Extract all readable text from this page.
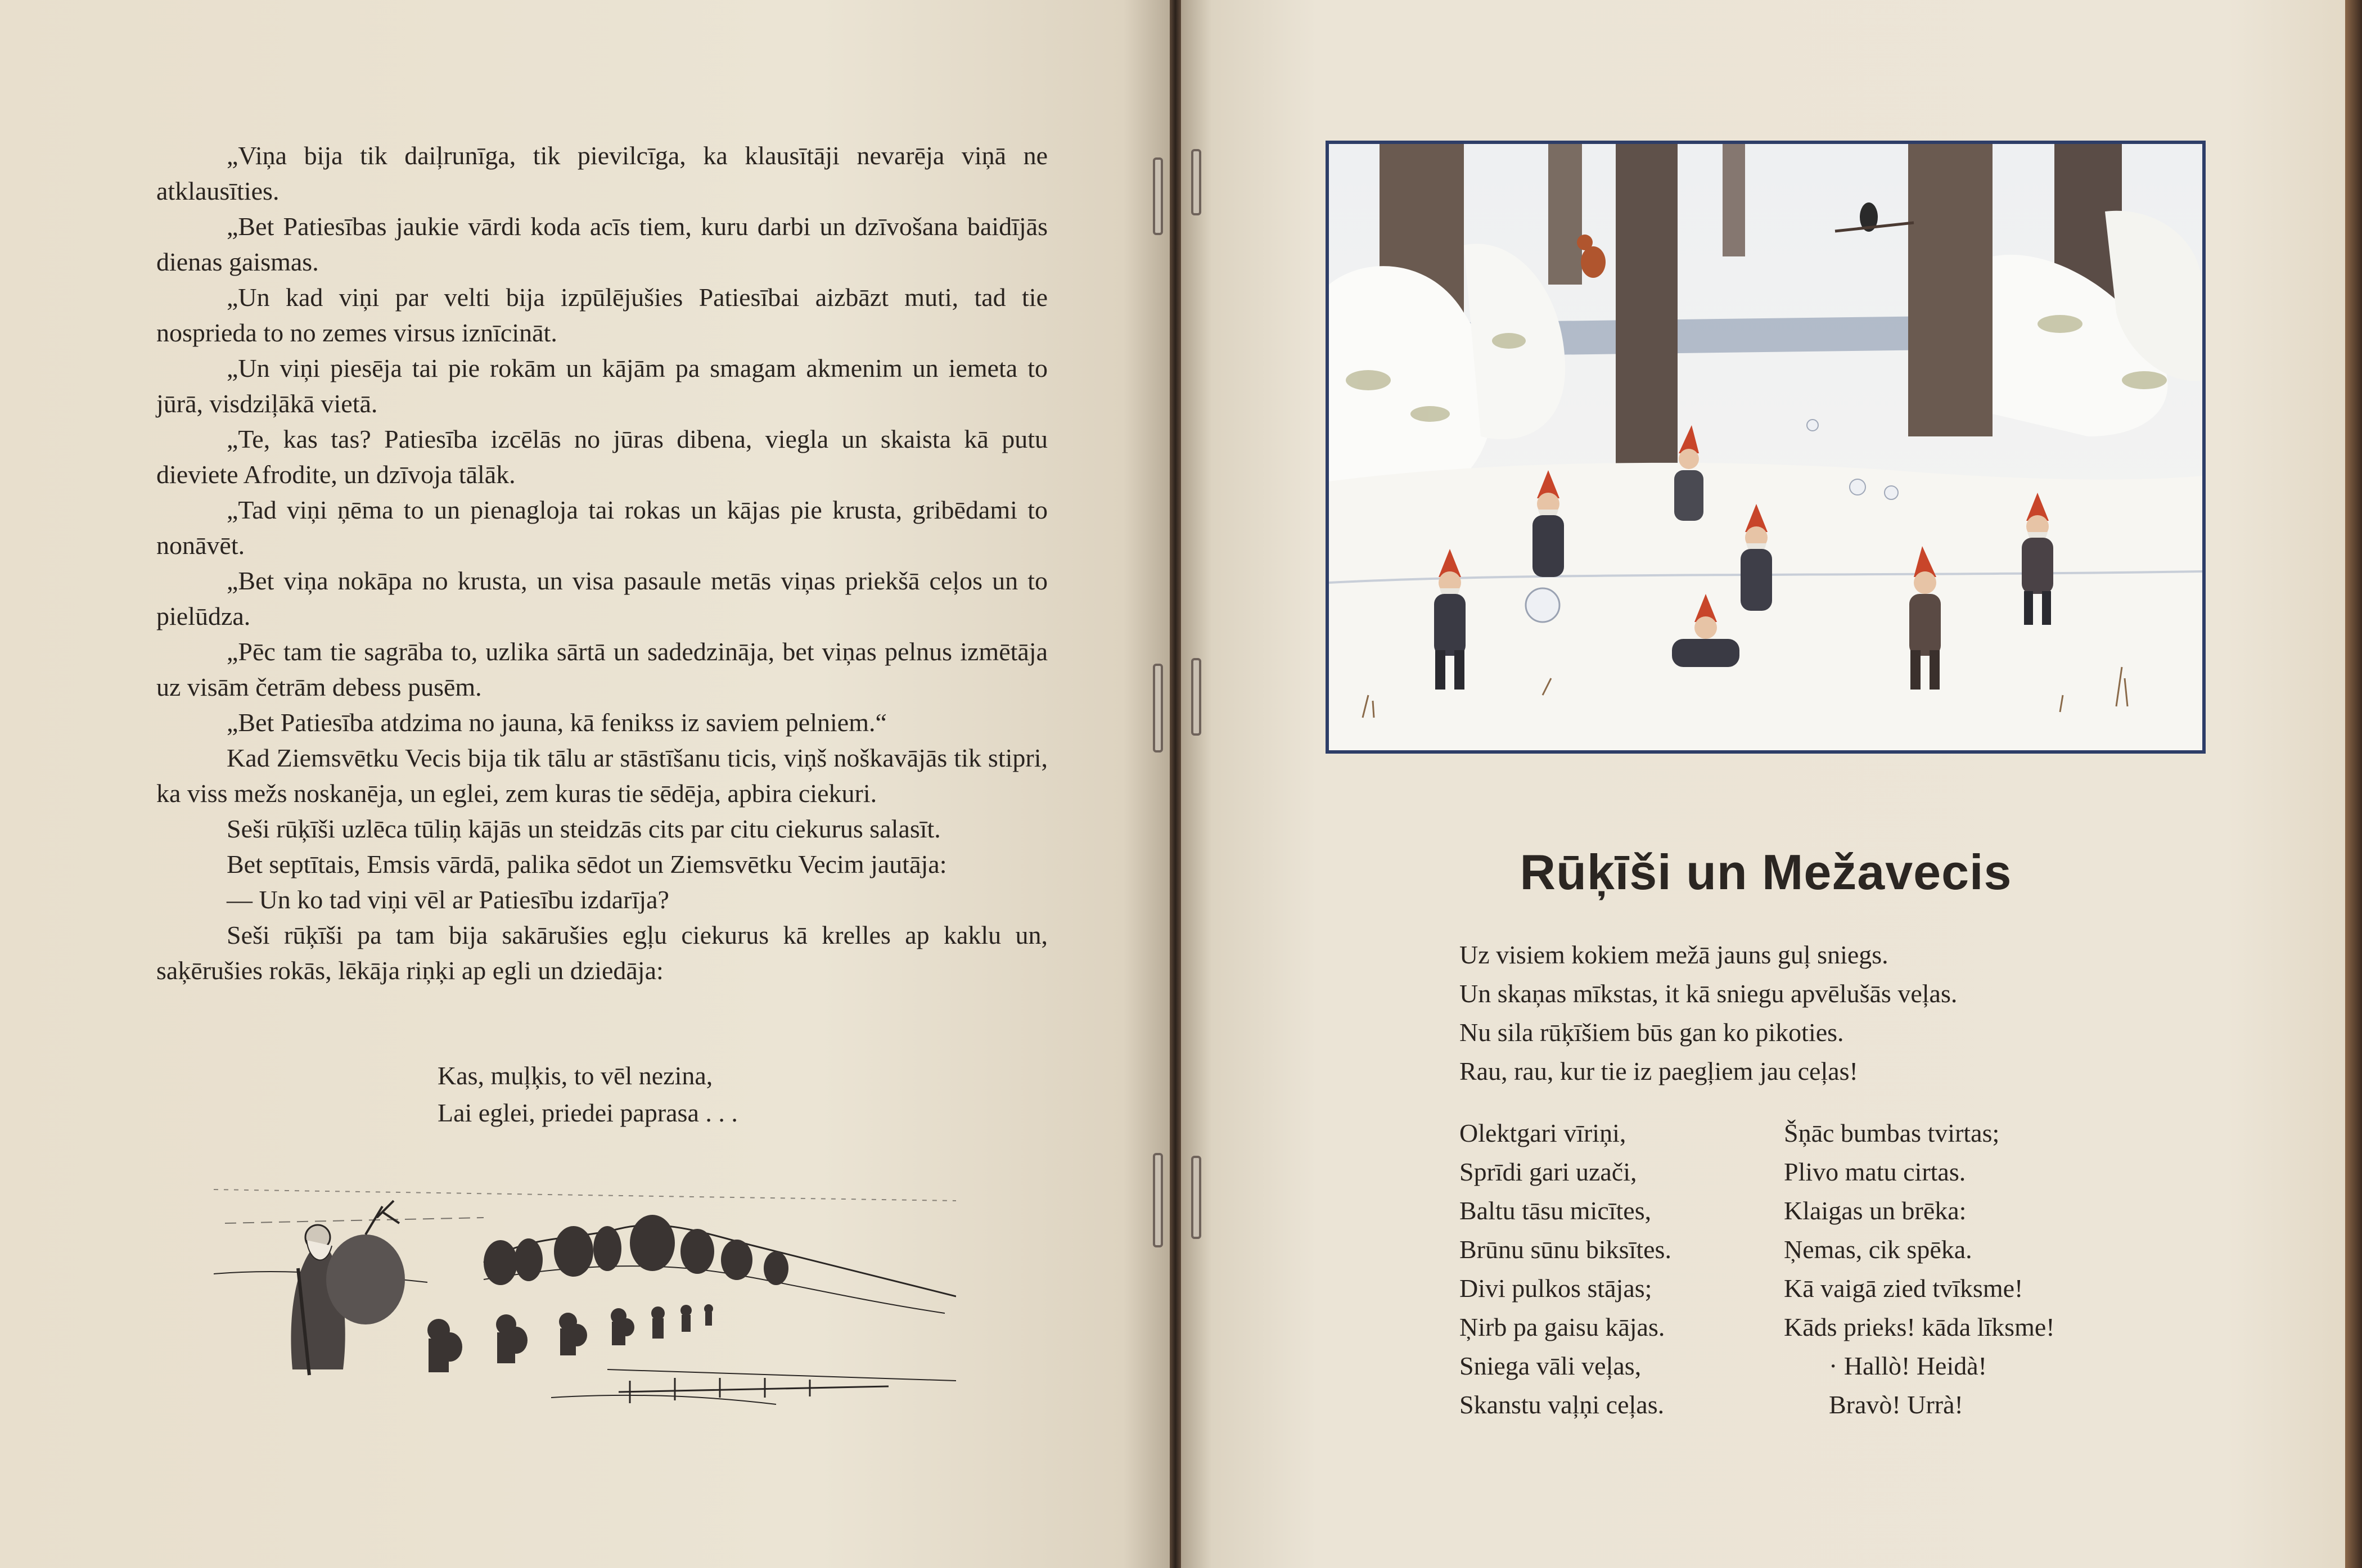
„Viņa bija tik daiļrunīga, tik pievilcīga, ka klausītāji nevarēja viņā ne atklausīties.

„Bet Patiesības jaukie vārdi koda acīs tiem, kuru darbi un dzīvošana baidījās dienas gaismas.

„Un kad viņi par velti bija izpūlējušies Patiesībai aizbāzt muti, tad tie nosprieda to no zemes virsus iznīcināt.

„Un viņi piesēja tai pie rokām un kājām pa smagam akmenim un iemeta to jūrā, visdziļākā vietā.

„Te, kas tas? Patiesība izcēlās no jūras dibena, viegla un skaista kā putu dieviete Afrodite, un dzīvoja tālāk.

„Tad viņi ņēma to un pienagloja tai rokas un kājas pie krusta, gribēdami to nonāvēt.

„Bet viņa nokāpa no krusta, un visa pasaule metās viņas priekšā ceļos un to pielūdza.

„Pēc tam tie sagrāba to, uzlika sārtā un sadedzināja, bet viņas pelnus izmētāja uz visām četrām debess pusēm.

„Bet Patiesība atdzima no jauna, kā fenikss iz saviem pelniem.“

Kad Ziemsvētku Vecis bija tik tālu ar stāstīšanu ticis, viņš noškavājās tik stipri, ka viss mežs noskanēja, un eglei, zem kuras tie sēdēja, apbira ciekuri.

Seši rūķīši uzlēca tūliņ kājās un steidzās cits par citu ciekurus salasīt.

Bet septītais, Emsis vārdā, palika sēdot un Ziemsvētku Vecim jautāja:

— Un ko tad viņi vēl ar Patiesību izdarīja?

Seši rūķīši pa tam bija sakārušies egļu ciekurus kā krelles ap kaklu un, saķērušies rokās, lēkāja riņķi ap egli un dziedāja:

Kas, muļķis, to vēl nezina,
Lai eglei, priedei paprasa . . .
Rūķīši un Mežavecis
Uz visiem kokiem mežā jauns guļ sniegs.
Un skaņas mīkstas, it kā sniegu apvēlušās veļas.
Nu sila rūķīšiem būs gan ko pikoties.
Rau, rau, kur tie iz paegļiem jau ceļas!
Olektgari vīriņi,
Sprīdi gari uzači,
Baltu tāsu micītes,
Brūnu sūnu biksītes.
Divi pulkos stājas;
Ņirb pa gaisu kājas.
Sniega vāli veļas,
Skanstu vaļņi ceļas.
Šņāc bumbas tvirtas;
Plivo matu cirtas.
Klaigas un brēka:
Ņemas, cik spēka.
Kā vaigā zied tvīksme!
Kāds prieks! kāda līksme!
· Hallò! Heidà!
Bravò! Urrà!
